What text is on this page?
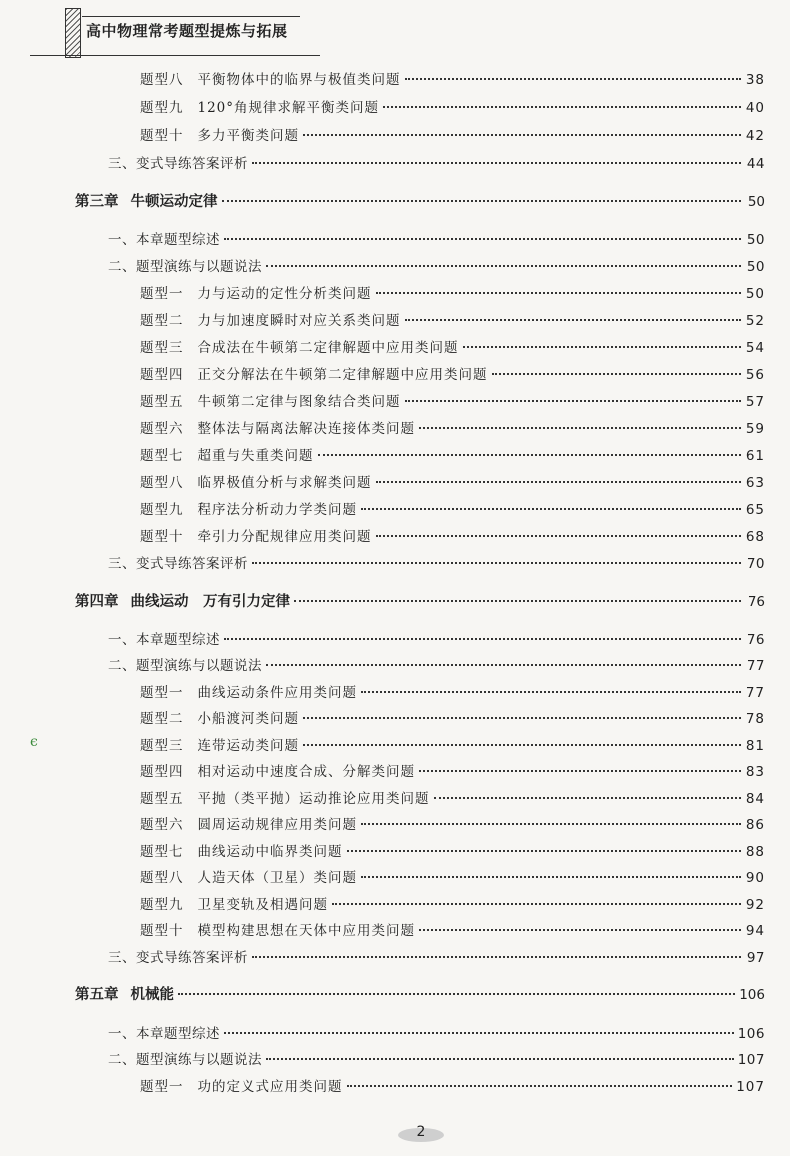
高中物理常考题型提炼与拓展
ϵ
题型八 平衡物体中的临界与极值类问题	38
题型九 120°角规律求解平衡类问题	40
题型十 多力平衡类问题	42
三、变式导练答案评析	44
第三章 牛顿运动定律	50
一、本章题型综述	50
二、题型演练与以题说法	50
题型一 力与运动的定性分析类问题	50
题型二 力与加速度瞬时对应关系类问题	52
题型三 合成法在牛顿第二定律解题中应用类问题	54
题型四 正交分解法在牛顿第二定律解题中应用类问题	56
题型五 牛顿第二定律与图象结合类问题	57
题型六 整体法与隔离法解决连接体类问题	59
题型七 超重与失重类问题	61
题型八 临界极值分析与求解类问题	63
题型九 程序法分析动力学类问题	65
题型十 牵引力分配规律应用类问题	68
三、变式导练答案评析	70
第四章 曲线运动　万有引力定律	76
一、本章题型综述	76
二、题型演练与以题说法	77
题型一 曲线运动条件应用类问题	77
题型二 小船渡河类问题	78
题型三 连带运动类问题	81
题型四 相对运动中速度合成、分解类问题	83
题型五 平抛（类平抛）运动推论应用类问题	84
题型六 圆周运动规律应用类问题	86
题型七 曲线运动中临界类问题	88
题型八 人造天体（卫星）类问题	90
题型九 卫星变轨及相遇问题	92
题型十 模型构建思想在天体中应用类问题	94
三、变式导练答案评析	97
第五章 机械能	106
一、本章题型综述	106
二、题型演练与以题说法	107
题型一 功的定义式应用类问题	107
2
